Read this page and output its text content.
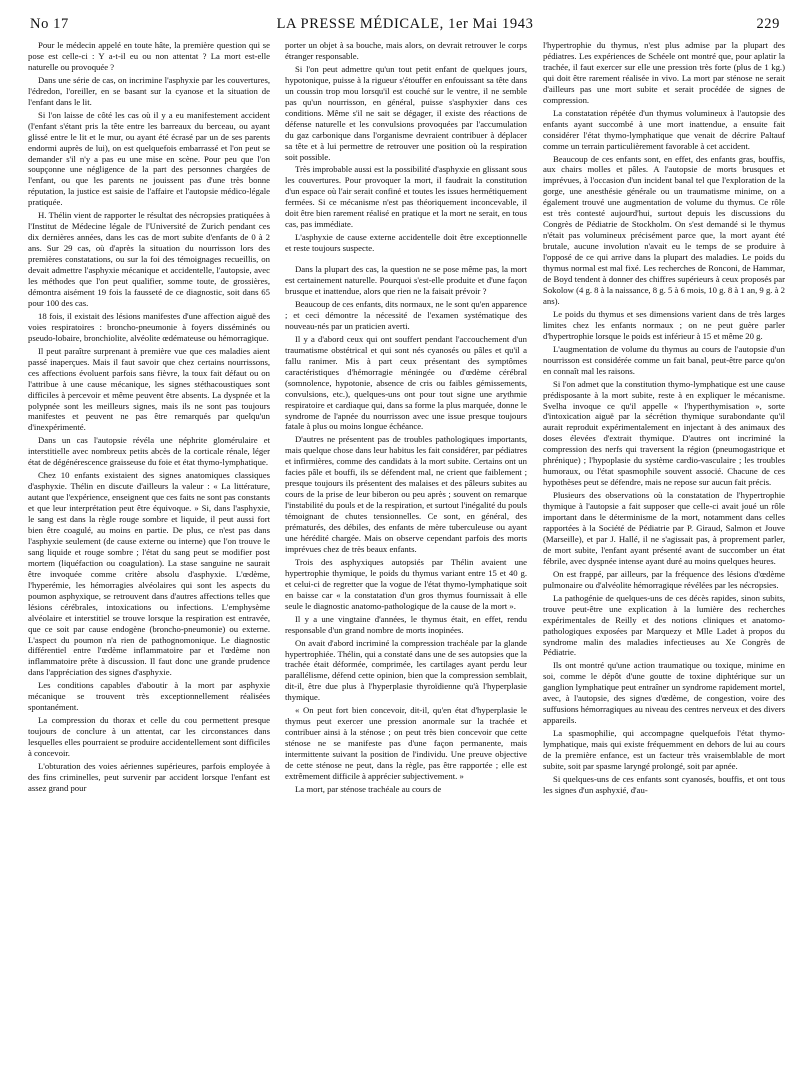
No 17	LA PRESSE MÉDICALE, 1er Mai 1943	229

Pour le médecin appelé en toute hâte, la première question qui se pose est celle-ci : Y a-t-il eu ou non attentat ? La mort est-elle naturelle ou provoquée ?

Dans une série de cas, on incrimine l'asphyxie par les couvertures, l'édredon, l'oreiller, en se basant sur la cyanose et la situation de l'enfant dans le lit.

Si l'on laisse de côté les cas où il y a eu manifestement accident (l'enfant s'étant pris la tête entre les barreaux du berceau, ou ayant glissé entre le lit et le mur, ou ayant été écrasé par un de ses parents endormi auprès de lui), on est quelquefois embarrassé et l'on peut se demander s'il n'y a pas eu une mise en scène. Pour peu que l'on soupçonne une négligence de la part des personnes chargées de l'enfant, ou que les parents ne jouissent pas d'une très bonne réputation, la justice est saisie de l'affaire et l'autopsie médico-légale pratiquée.

H. Thélin vient de rapporter le résultat des nécropsies pratiquées à l'Institut de Médecine légale de l'Université de Zurich pendant ces dix dernières années, dans les cas de mort subite d'enfants de 0 à 2 ans. Sur 29 cas, où d'après la situation du nourrisson lors des premières constatations, ou sur la foi des témoignages recueillis, on devait admettre l'asphyxie mécanique et accidentelle, l'autopsie, avec les méthodes que l'on peut qualifier, somme toute, de grossières, démontra aisément 19 fois la fausseté de ce diagnostic, soit dans 65 pour 100 des cas.

18 fois, il existait des lésions manifestes d'une affection aiguë des voies respiratoires : broncho-pneumonie à foyers disséminés ou pseudo-lobaire, bronchiolite, alvéolite œdémateuse ou hémorragique.

Il peut paraître surprenant à première vue que ces maladies aient passé inaperçues. Mais il faut savoir que chez certains nourrissons, ces affections évoluent parfois sans fièvre, la toux fait défaut ou on l'attribue à une cause mécanique, les signes stéthacoustiques sont difficiles à percevoir et même peuvent être absents. La dyspnée et la polypnée sont les meilleurs signes, mais ils ne sont pas toujours manifestes et peuvent ne pas être remarqués par quelqu'un d'inexpérimenté.

Dans un cas l'autopsie révéla une néphrite glomérulaire et interstitielle avec nombreux petits abcès de la corticale rénale, léger état de dégénérescence graisseuse du foie et état thymo-lymphatique.

Chez 10 enfants existaient des signes anatomiques classiques d'asphyxie. Thélin en discute d'ailleurs la valeur : « La littérature, autant que l'expérience, enseignent que ces faits ne sont pas constants et que leur interprétation peut être équivoque. » Si, dans l'asphyxie, le sang est dans la règle rouge sombre et liquide, il peut aussi fort bien être coagulé, au moins en partie. De plus, ce n'est pas dans l'asphyxie seulement (de cause externe ou interne) que l'on trouve le sang liquide et rouge sombre ; l'état du sang peut se modifier post mortem (liquéfaction ou coagulation). La stase sanguine ne saurait être invoquée comme critère absolu d'asphyxie. L'œdème, l'hyperémie, les hémorragies alvéolaires qui sont les aspects du poumon asphyxique, se retrouvent dans d'autres affections telles que lésions cérébrales, intoxications ou infections. L'emphysème alvéolaire et interstitiel se trouve lorsque la respiration est entravée, que ce soit par cause endogène (broncho-pneumonie) ou externe. L'aspect du poumon n'a rien de pathognomonique. Le diagnostic différentiel entre l'œdème inflammatoire par et l'œdème non inflammatoire prête à discussion. Il faut donc une grande prudence dans l'appréciation des signes d'asphyxie.

Les conditions capables d'aboutir à la mort par asphyxie mécanique se trouvent très exceptionnellement réalisées spontanément.

La compression du thorax et celle du cou permettent presque toujours de conclure à un attentat, car les circonstances dans lesquelles elles pourraient se produire accidentellement sont difficiles à concevoir.

L'obturation des voies aériennes supérieures, parfois employée à des fins criminelles, peut survenir par accident lorsque l'enfant est assez grand pour

porter un objet à sa bouche, mais alors, on devrait retrouver le corps étranger responsable.

Si l'on peut admettre qu'un tout petit enfant de quelques jours, hypotonique, puisse à la rigueur s'étouffer en enfouissant sa tête dans un coussin trop mou lorsqu'il est couché sur le ventre, il ne semble pas qu'un nourrisson, en général, puisse s'asphyxier dans ces conditions. Même s'il ne sait se dégager, il existe des réactions de défense naturelle et les convulsions provoquées par l'accumulation du gaz carbonique dans l'organisme devraient contribuer à déplacer sa tête et à lui permettre de retrouver une position où la respiration soit possible.

Très improbable aussi est la possibilité d'asphyxie en glissant sous les couvertures. Pour provoquer la mort, il faudrait la constitution d'un espace où l'air serait confiné et toutes les issues hermétiquement fermées. Si ce mécanisme n'est pas théoriquement inconcevable, il doit être bien rarement réalisé en pratique et la mort ne serait, en tous cas, pas immédiate.

L'asphyxie de cause externe accidentelle doit être exceptionnelle et reste toujours suspecte.

Dans la plupart des cas, la question ne se pose même pas, la mort est certainement naturelle. Pourquoi s'est-elle produite et d'une façon brusque et inattendue, alors que rien ne la faisait prévoir ?

Beaucoup de ces enfants, dits normaux, ne le sont qu'en apparence ; et ceci démontre la nécessité de l'examen systématique des nouveau-nés par un praticien averti.

Il y a d'abord ceux qui ont souffert pendant l'accouchement d'un traumatisme obstétrical et qui sont nés cyanosés ou pâles et qu'il a fallu ranimer. Mis à part ceux présentant des symptômes caractéristiques d'hémorragie méningée ou d'œdème cérébral (somnolence, hypotonie, absence de cris ou faibles gémissements, convulsions, etc.), quelques-uns ont pour tout signe une arythmie respiratoire et cardiaque qui, dans sa forme la plus marquée, donne le syndrome de l'apnée du nourrisson avec une issue presque toujours fatale à plus ou moins longue échéance.

D'autres ne présentent pas de troubles pathologiques importants, mais quelque chose dans leur habitus les fait considérer, par pédiatres et infirmières, comme des candidats à la mort subite. Certains ont un facies pâle et bouffi, ils se défendent mal, ne crient que faiblement ; presque toujours ils présentent des malaises et des pâleurs subites au cours de la prise de leur biberon ou peu après ; souvent on remarque l'instabilité du pouls et de la respiration, et surtout l'inégalité du pouls témoignant de chutes tensionnelles. Ce sont, en général, des prématurés, des débiles, des enfants de mère tuberculeuse ou ayant une hérédité chargée. Mais on observe cependant parfois des morts imprévues chez de très beaux enfants.

Trois des asphyxiques autopsiés par Thélin avaient une hypertrophie thymique, le poids du thymus variant entre 15 et 40 g. et celui-ci de regretter que la vogue de l'état thymo-lymphatique soit en baisse car « la constatation d'un gros thymus fournissait à elle seule le diagnostic anatomo-pathologique de la cause de la mort ».

Il y a une vingtaine d'années, le thymus était, en effet, rendu responsable d'un grand nombre de morts inopinées.

On avait d'abord incriminé la compression trachéale par la glande hypertrophiée. Thélin, qui a constaté dans une de ses autopsies que la trachée était déformée, comprimée, les cartilages ayant perdu leur parallélisme, défend cette opinion, bien que la compression semblait, dit-il, être due plus à l'hyperplasie thyroïdienne qu'à l'hyperplasie thymique.

« On peut fort bien concevoir, dit-il, qu'en état d'hyperplasie le thymus peut exercer une pression anormale sur la trachée et contribuer ainsi à la sténose ; on peut très bien concevoir que cette sténose ne se manifeste pas d'une façon permanente, mais intermittente suivant la position de l'individu. Une preuve objective de cette sténose ne peut, dans la règle, pas être rapportée ; elle est extrêmement difficile à apprécier subjectivement. »

La mort, par sténose trachéale au cours de

l'hypertrophie du thymus, n'est plus admise par la plupart des pédiatres. Les expériences de Schéele ont montré que, pour aplatir la trachée, il faut exercer sur elle une pression très forte (plus de 1 kg.) qui doit être rarement réalisée in vivo. La mort par sténose ne serait d'ailleurs pas une mort subite et serait procédée de signes de compression.

La constatation répétée d'un thymus volumineux à l'autopsie des enfants ayant succombé à une mort inattendue, a ensuite fait considérer l'état thymo-lymphatique que venait de décrire Paltauf comme un terrain particulièrement favorable à cet accident.

Beaucoup de ces enfants sont, en effet, des enfants gras, bouffis, aux chairs molles et pâles. A l'autopsie de morts brusques et imprévues, à l'occasion d'un incident banal tel que l'exploration de la gorge, une anesthésie générale ou un traumatisme minime, on a également trouvé une augmentation de volume du thymus. Ce rôle est très contesté aujourd'hui, surtout depuis les discussions du Congrès de Pédiatrie de Stockholm. On s'est demandé si le thymus n'était pas volumineux précisément parce que, la mort ayant été brutale, aucune involution n'avait eu le temps de se produire à l'opposé de ce qui arrive dans la plupart des maladies. Le poids du thymus normal est mal fixé. Les recherches de Ronconi, de Hammar, de Boyd tendent à donner des chiffres supérieurs à ceux proposés par Sokolow (4 g. 8 à la naissance, 8 g. 5 à 6 mois, 10 g. 8 à 1 an, 9 g. à 2 ans).

Le poids du thymus et ses dimensions varient dans de très larges limites chez les enfants normaux ; on ne peut guère parler d'hypertrophie lorsque le poids est inférieur à 15 et même 20 g.

L'augmentation de volume du thymus au cours de l'autopsie d'un nourrisson est considérée comme un fait banal, peut-être parce qu'on en connaît mal les raisons.

Si l'on admet que la constitution thymo-lymphatique est une cause prédisposante à la mort subite, reste à en expliquer le mécanisme. Svelha invoque ce qu'il appelle « l'hyperthymisation », sorte d'intoxication aiguë par la sécrétion thymique surabondante qu'il aurait reproduit expérimentalement en injectant à des animaux des doses élevées d'extrait thymique. D'autres ont incriminé la compression des nerfs qui traversent la région (pneumogastrique et phrénique) ; l'hypoplasie du système cardio-vasculaire ; les troubles humoraux, ou l'état spasmophile souvent associé. Chacune de ces hypothèses peut se défendre, mais ne repose sur aucun fait précis.

Plusieurs des observations où la constatation de l'hypertrophie thymique à l'autopsie a fait supposer que celle-ci avait joué un rôle important dans le déterminisme de la mort, notamment dans celles rapportées à la Société de Pédiatrie par P. Giraud, Salmon et Jouve (Marseille), et par J. Hallé, il ne s'agissait pas, à proprement parler, de mort subite, l'enfant ayant présenté avant de succomber un état fébrile, avec dyspnée intense ayant duré au moins quelques heures.

On est frappé, par ailleurs, par la fréquence des lésions d'œdème pulmonaire ou d'alvéolite hémorragique révélées par les nécropsies.

La pathogénie de quelques-uns de ces décès rapides, sinon subits, trouve peut-être une explication à la lumière des recherches expérimentales de Reilly et des notions cliniques et anatomo-pathologiques exposées par Marquezy et Mlle Ladet à propos du syndrome malin des maladies infectieuses au Xe Congrès de Pédiatrie.

Ils ont montré qu'une action traumatique ou toxique, minime en soi, comme le dépôt d'une goutte de toxine diphtérique sur un ganglion lymphatique peut entraîner un syndrome rapidement mortel, avec, à l'autopsie, des signes d'œdème, de congestion, voire des suffusions hémorragiques au niveau des centres nerveux et des divers appareils.

La spasmophilie, qui accompagne quelquefois l'état thymo-lymphatique, mais qui existe fréquemment en dehors de lui au cours de la première enfance, est un facteur très vraisemblable de mort subite, soit par spasme laryngé prolongé, soit par apnée.

Si quelques-uns de ces enfants sont cyanosés, bouffis, et ont tous les signes d'un asphyxié, d'au-
